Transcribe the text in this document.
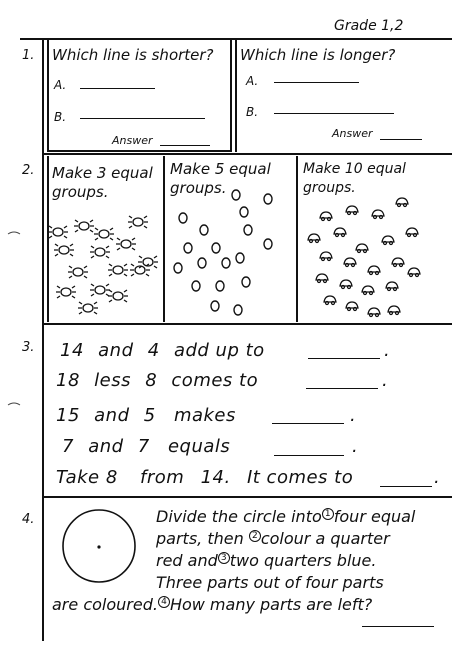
Grade 1,2
1. Which line is shorter?
A.
B.
Answer
Which line is longer?
A.
B.
Answer
2. Make 3 equal
groups.
Make 5 equal
groups.
Make 10 equal
groups.
3. 14 and 4 add up to	.
18 less 8 comes to	.
15 and 5 makes	.
7 and 7 equals	.
Take 8 from 14. It comes to	.
4.	Divide the circle into 1 four equal
parts, then 2 colour a quarter
red and 3 two quarters blue.
Three parts out of four parts
are coloured. 4 How many parts are left?
